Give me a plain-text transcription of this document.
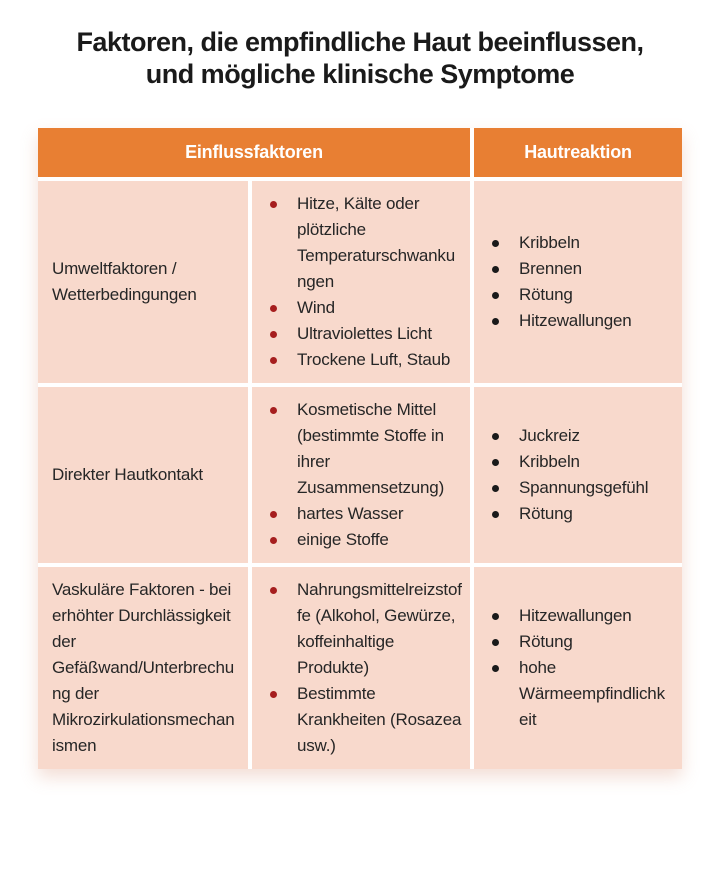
Faktoren, die empfindliche Haut beeinflussen, und mögliche klinische Symptome
Einflussfaktoren	Hautreaktion
Umweltfaktoren / Wetterbedingungen
Hitze, Kälte oder plötzliche Temperaturschwankungen
Wind
Ultraviolettes Licht
Trockene Luft, Staub
Kribbeln
Brennen
Rötung
Hitzewallungen
Direkter Hautkontakt
Kosmetische Mittel (bestimmte Stoffe in ihrer Zusammensetzung)
hartes Wasser
einige Stoffe
Juckreiz
Kribbeln
Spannungsgefühl
Rötung
Vaskuläre Faktoren - bei erhöhter Durchlässigkeit der Gefäßwand/Unterbrechung der Mikrozirkulationsmechanismen
Nahrungsmittelreizstoffe (Alkohol, Gewürze, koffeinhaltige Produkte)
Bestimmte Krankheiten (Rosazea usw.)
Hitzewallungen
Rötung
hohe Wärmeempfindlichkeit
